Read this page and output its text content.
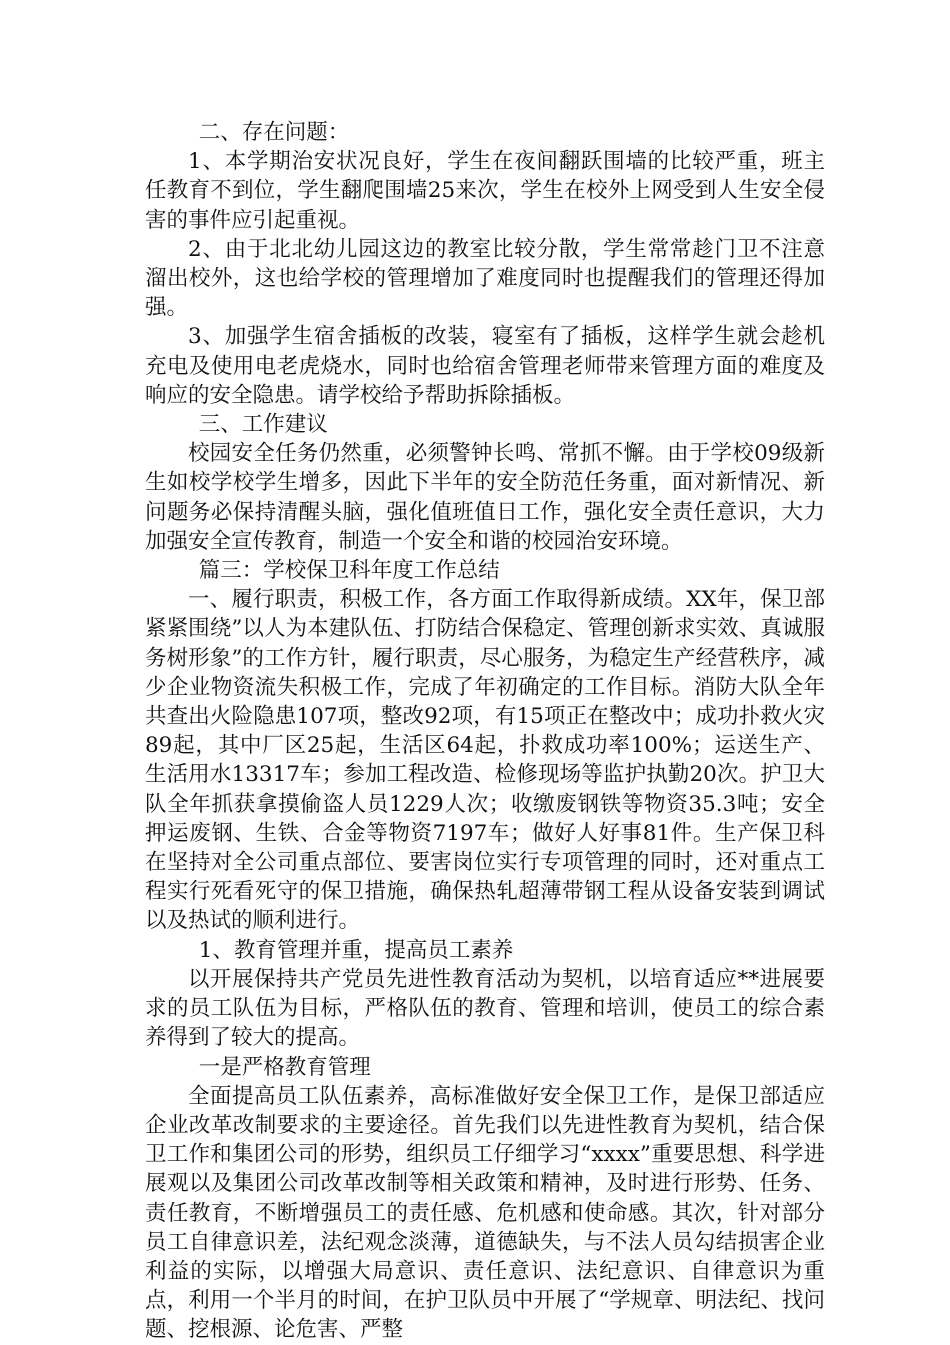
二、存在问题：

1、本学期治安状况良好，学生在夜间翻跃围墙的比较严重，班主任教育不到位，学生翻爬围墙25来次，学生在校外上网受到人生安全侵害的事件应引起重视。

2、由于北北幼儿园这边的教室比较分散，学生常常趁门卫不注意溜出校外，这也给学校的管理增加了难度同时也提醒我们的管理还得加强。

3、加强学生宿舍插板的改装，寝室有了插板，这样学生就会趁机充电及使用电老虎烧水，同时也给宿舍管理老师带来管理方面的难度及响应的安全隐患。请学校给予帮助拆除插板。

三、工作建议

校园安全任务仍然重，必须警钟长鸣、常抓不懈。由于学校09级新生如校学校学生增多，因此下半年的安全防范任务重，面对新情况、新问题务必保持清醒头脑，强化值班值日工作，强化安全责任意识，大力加强安全宣传教育，制造一个安全和谐的校园治安环境。

篇三：学校保卫科年度工作总结

一、履行职责，积极工作，各方面工作取得新成绩。XX年，保卫部紧紧围绕”以人为本建队伍、打防结合保稳定、管理创新求实效、真诚服务树形象”的工作方针，履行职责，尽心服务，为稳定生产经营秩序，减少企业物资流失积极工作，完成了年初确定的工作目标。消防大队全年共查出火险隐患107项，整改92项，有15项正在整改中；成功扑救火灾89起，其中厂区25起，生活区64起，扑救成功率100%；运送生产、生活用水13317车；参加工程改造、检修现场等监护执勤20次。护卫大队全年抓获拿摸偷盗人员1229人次；收缴废钢铁等物资35.3吨；安全押运废钢、生铁、合金等物资7197车；做好人好事81件。生产保卫科在坚持对全公司重点部位、要害岗位实行专项管理的同时，还对重点工程实行死看死守的保卫措施，确保热轧超薄带钢工程从设备安装到调试以及热试的顺利进行。

1、教育管理并重，提高员工素养

以开展保持共产党员先进性教育活动为契机，以培育适应**进展要求的员工队伍为目标，严格队伍的教育、管理和培训，使员工的综合素养得到了较大的提高。

一是严格教育管理

全面提高员工队伍素养，高标准做好安全保卫工作，是保卫部适应企业改革改制要求的主要途径。首先我们以先进性教育为契机，结合保卫工作和集团公司的形势，组织员工仔细学习“xxxx”重要思想、科学进展观以及集团公司改革改制等相关政策和精神，及时进行形势、任务、责任教育，不断增强员工的责任感、危机感和使命感。其次，针对部分员工自律意识差，法纪观念淡薄，道德缺失，与不法人员勾结损害企业利益的实际，以增强大局意识、责任意识、法纪意识、自律意识为重点，利用一个半月的时间，在护卫队员中开展了“学规章、明法纪、找问题、挖根源、论危害、严整
